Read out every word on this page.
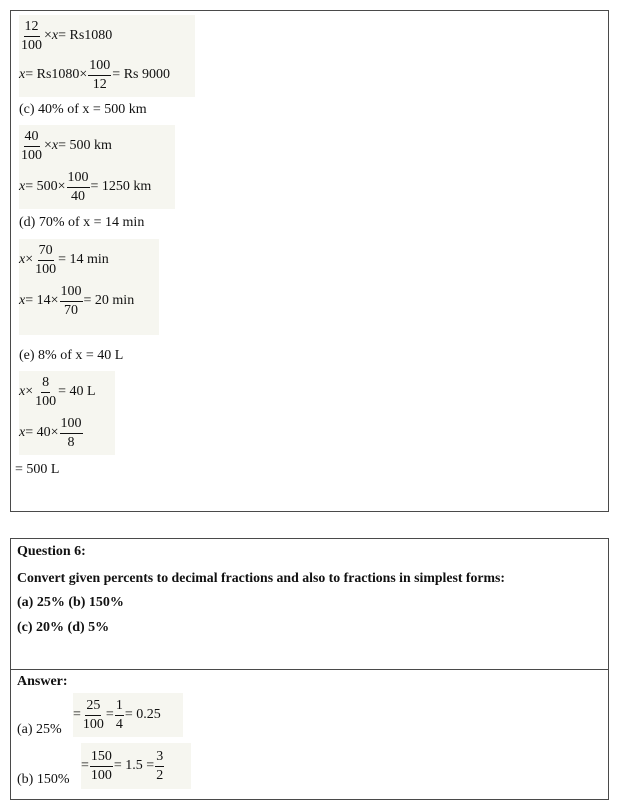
$\frac{12}{100} \times x = Rs1080$
$x = Rs1080\times \frac{100}{12} = Rs$ 9000
(c) 40% of x = 500 km
$\frac{40}{100} \times x = 500$ km
$x = 500\times \frac{100}{40} = 1250$ km
(d) 70% of x = 14 min
$x \times \frac{70}{100} = 14$ min
$x = 14\times \frac{100}{70} = 20$ min
(e) 8% of x = 40 L
$x \times \frac{8}{100} = 40$ L
$x = 40\times \frac{100}{8}$
= 500 L
Question 6:
Convert given percents to decimal fractions and also to fractions in simplest forms:
(a) 25% (b) 150%
(c) 20% (d) 5%
Answer:
(a) 25%
= $\frac{25}{100} = \frac{1}{4} = 0.25$
(b) 150%
= $\frac{150}{100} = 1.5 = \frac{3}{2}$
